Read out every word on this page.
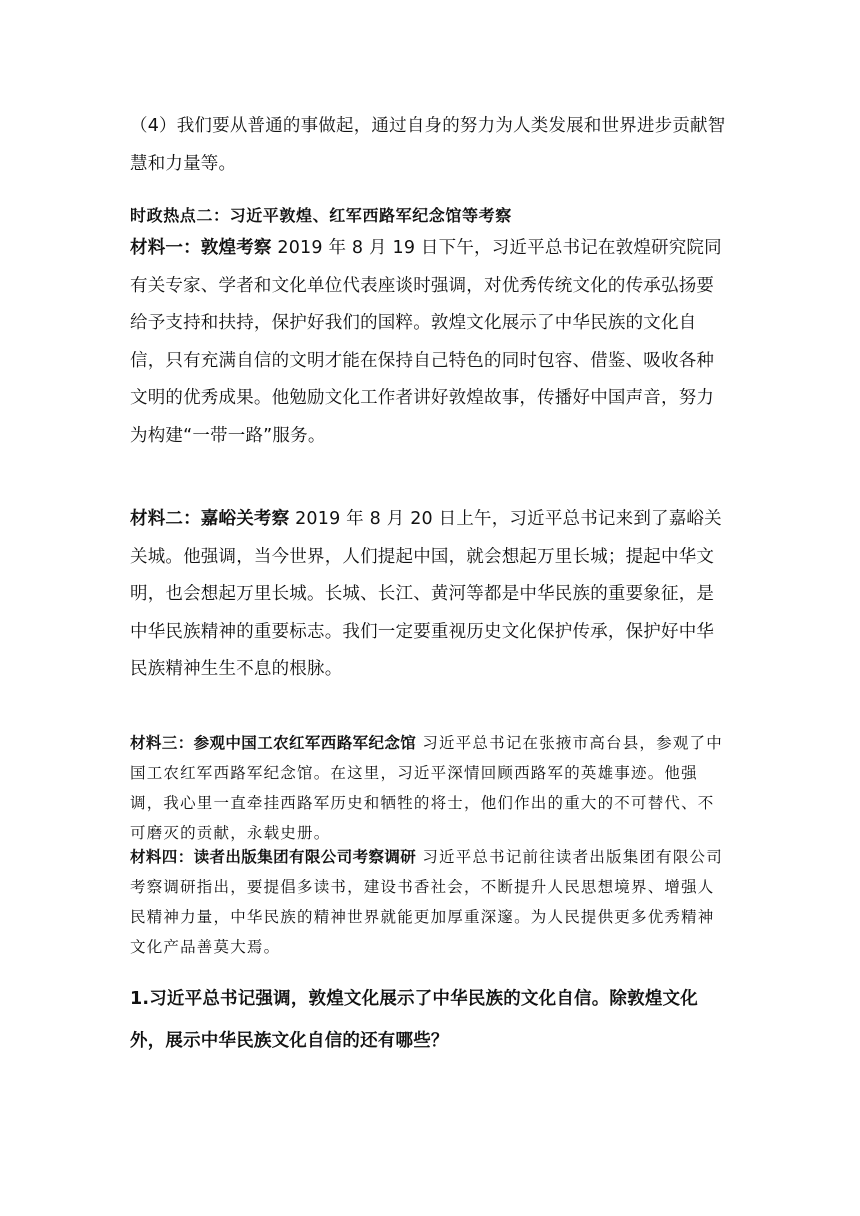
（4）我们要从普通的事做起，通过自身的努力为人类发展和世界进步贡献智慧和力量等。

时政热点二：习近平敦煌、红军西路军纪念馆等考察

材料一：敦煌考察 2019 年 8 月 19 日下午，习近平总书记在敦煌研究院同有关专家、学者和文化单位代表座谈时强调，对优秀传统文化的传承弘扬要给予支持和扶持，保护好我们的国粹。敦煌文化展示了中华民族的文化自信，只有充满自信的文明才能在保持自己特色的同时包容、借鉴、吸收各种文明的优秀成果。他勉励文化工作者讲好敦煌故事，传播好中国声音，努力为构建“一带一路”服务。

材料二：嘉峪关考察 2019 年 8 月 20 日上午，习近平总书记来到了嘉峪关关城。他强调，当今世界，人们提起中国，就会想起万里长城；提起中华文明，也会想起万里长城。长城、长江、黄河等都是中华民族的重要象征，是中华民族精神的重要标志。我们一定要重视历史文化保护传承，保护好中华民族精神生生不息的根脉。

材料三：参观中国工农红军西路军纪念馆 习近平总书记在张掖市高台县，参观了中国工农红军西路军纪念馆。在这里，习近平深情回顾西路军的英雄事迹。他强调，我心里一直牵挂西路军历史和牺牲的将士，他们作出的重大的不可替代、不可磨灭的贡献，永载史册。

材料四：读者出版集团有限公司考察调研 习近平总书记前往读者出版集团有限公司考察调研指出，要提倡多读书，建设书香社会，不断提升人民思想境界、增强人民精神力量，中华民族的精神世界就能更加厚重深邃。为人民提供更多优秀精神文化产品善莫大焉。

1.习近平总书记强调，敦煌文化展示了中华民族的文化自信。除敦煌文化外，展示中华民族文化自信的还有哪些？
